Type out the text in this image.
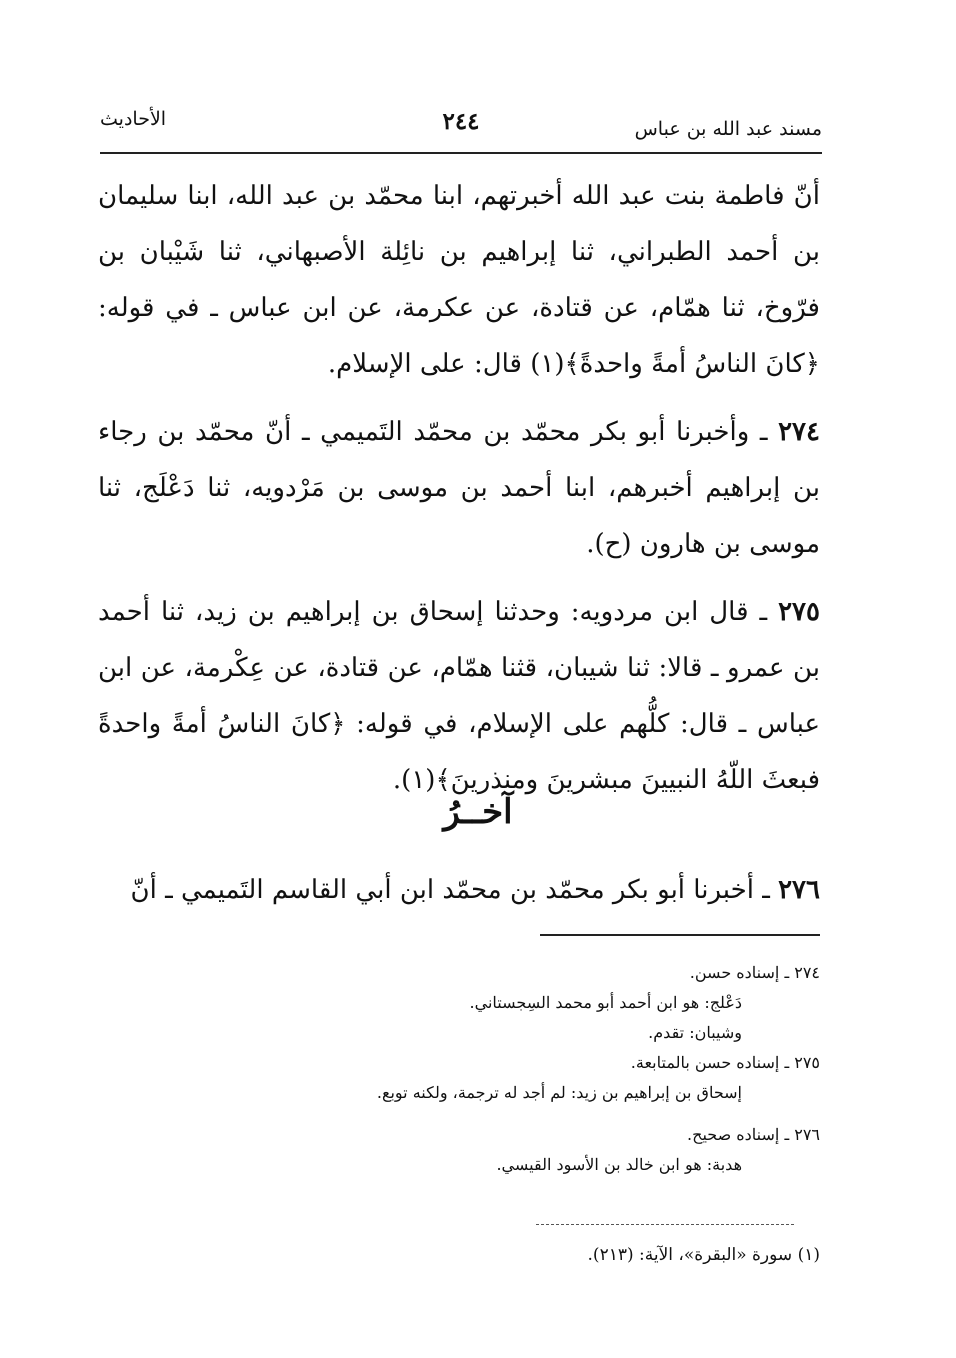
مسند عبد الله بن عباس
٢٤٤
الأحاديث

أنّ فاطمة بنت عبد الله أخبرتهم، ابنا محمّد بن عبد الله، ابنا سليمان بن أحمد الطبراني، ثنا إبراهيم بن نائِلة الأصبهاني، ثنا شَيْبان بن فرّوخ، ثنا همّام، عن قتادة، عن عكرمة، عن ابن عباس ـ في قوله: ﴿كانَ الناسُ أمةً واحدةً﴾(١) قال: على الإسلام.

٢٧٤ ـ وأخبرنا أبو بكر محمّد بن محمّد التَميمي ـ أنّ محمّد بن رجاء بن إبراهيم أخبرهم، ابنا أحمد بن موسى بن مَرْدويه، ثنا دَعْلَج، ثنا موسى بن هارون (ح).

٢٧٥ ـ قال ابن مردويه: وحدثنا إسحاق بن إبراهيم بن زيد، ثنا أحمد بن عمرو ـ قالا: ثنا شيبان، قثنا همّام، عن قتادة، عن عِكْرمة، عن ابن عباس ـ قال: كلُّهم على الإسلام، في قوله: ﴿كانَ الناسُ أمةً واحدةً فبعثَ اللّهُ النبيينَ مبشرينَ ومنذرينَ﴾(١).

آخــرُ
٢٧٦ ـ أخبرنا أبو بكر محمّد بن محمّد ابن أبي القاسم التَميمي ـ أنّ
٢٧٤ ـ إسناده حسن.
دَعْلج: هو ابن أحمد أبو محمد السِجستاني.
وشيبان: تقدم.
٢٧٥ ـ إسناده حسن بالمتابعة.
إسحاق بن إبراهيم بن زيد: لم أجد له ترجمة، ولكنه توبع.
٢٧٦ ـ إسناده صحيح.
هدبة: هو ابن خالد بن الأسود القيسي.
(١) سورة «البقرة»، الآية: (٢١٣).
